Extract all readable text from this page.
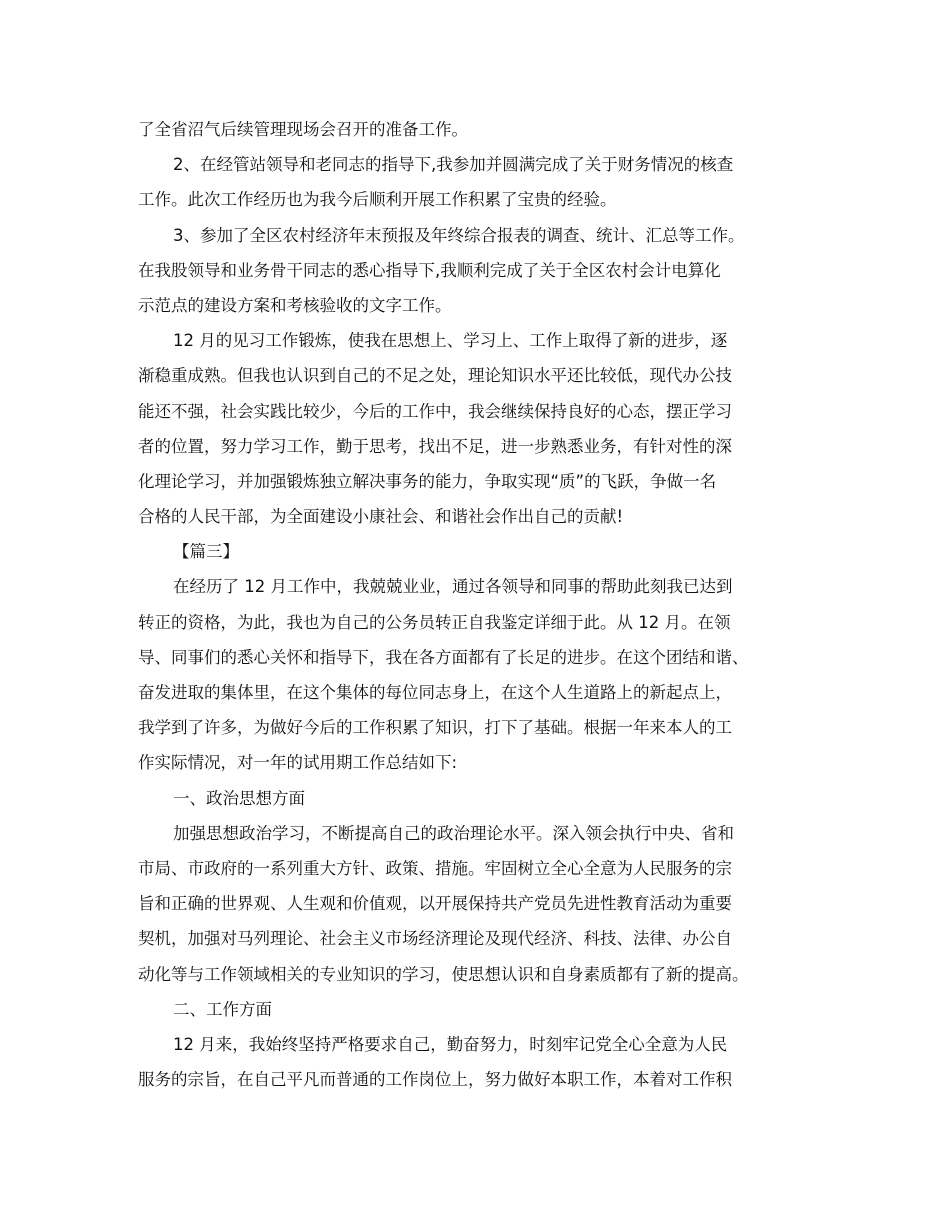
了全省沼气后续管理现场会召开的准备工作。
2、在经管站领导和老同志的指导下,我参加并圆满完成了关于财务情况的核查
工作。此次工作经历也为我今后顺利开展工作积累了宝贵的经验。
3、参加了全区农村经济年末预报及年终综合报表的调查、统计、汇总等工作。
在我股领导和业务骨干同志的悉心指导下,我顺利完成了关于全区农村会计电算化
示范点的建设方案和考核验收的文字工作。
12 月的见习工作锻炼，使我在思想上、学习上、工作上取得了新的进步，逐
渐稳重成熟。但我也认识到自己的不足之处，理论知识水平还比较低，现代办公技
能还不强，社会实践比较少，今后的工作中，我会继续保持良好的心态，摆正学习
者的位置，努力学习工作，勤于思考，找出不足，进一步熟悉业务，有针对性的深
化理论学习，并加强锻炼独立解决事务的能力，争取实现“质”的飞跃，争做一名
合格的人民干部，为全面建设小康社会、和谐社会作出自己的贡献!
【篇三】
在经历了 12 月工作中，我兢兢业业，通过各领导和同事的帮助此刻我已达到
转正的资格，为此，我也为自己的公务员转正自我鉴定详细于此。从 12 月。在领
导、同事们的悉心关怀和指导下，我在各方面都有了长足的进步。在这个团结和谐、
奋发进取的集体里，在这个集体的每位同志身上，在这个人生道路上的新起点上，
我学到了许多，为做好今后的工作积累了知识，打下了基础。根据一年来本人的工
作实际情况，对一年的试用期工作总结如下:
一、政治思想方面
加强思想政治学习，不断提高自己的政治理论水平。深入领会执行中央、省和
市局、市政府的一系列重大方针、政策、措施。牢固树立全心全意为人民服务的宗
旨和正确的世界观、人生观和价值观，以开展保持共产党员先进性教育活动为重要
契机，加强对马列理论、社会主义市场经济理论及现代经济、科技、法律、办公自
动化等与工作领域相关的专业知识的学习，使思想认识和自身素质都有了新的提高。
二、工作方面
12 月来，我始终坚持严格要求自己，勤奋努力，时刻牢记党全心全意为人民
服务的宗旨，在自己平凡而普通的工作岗位上，努力做好本职工作，本着对工作积
